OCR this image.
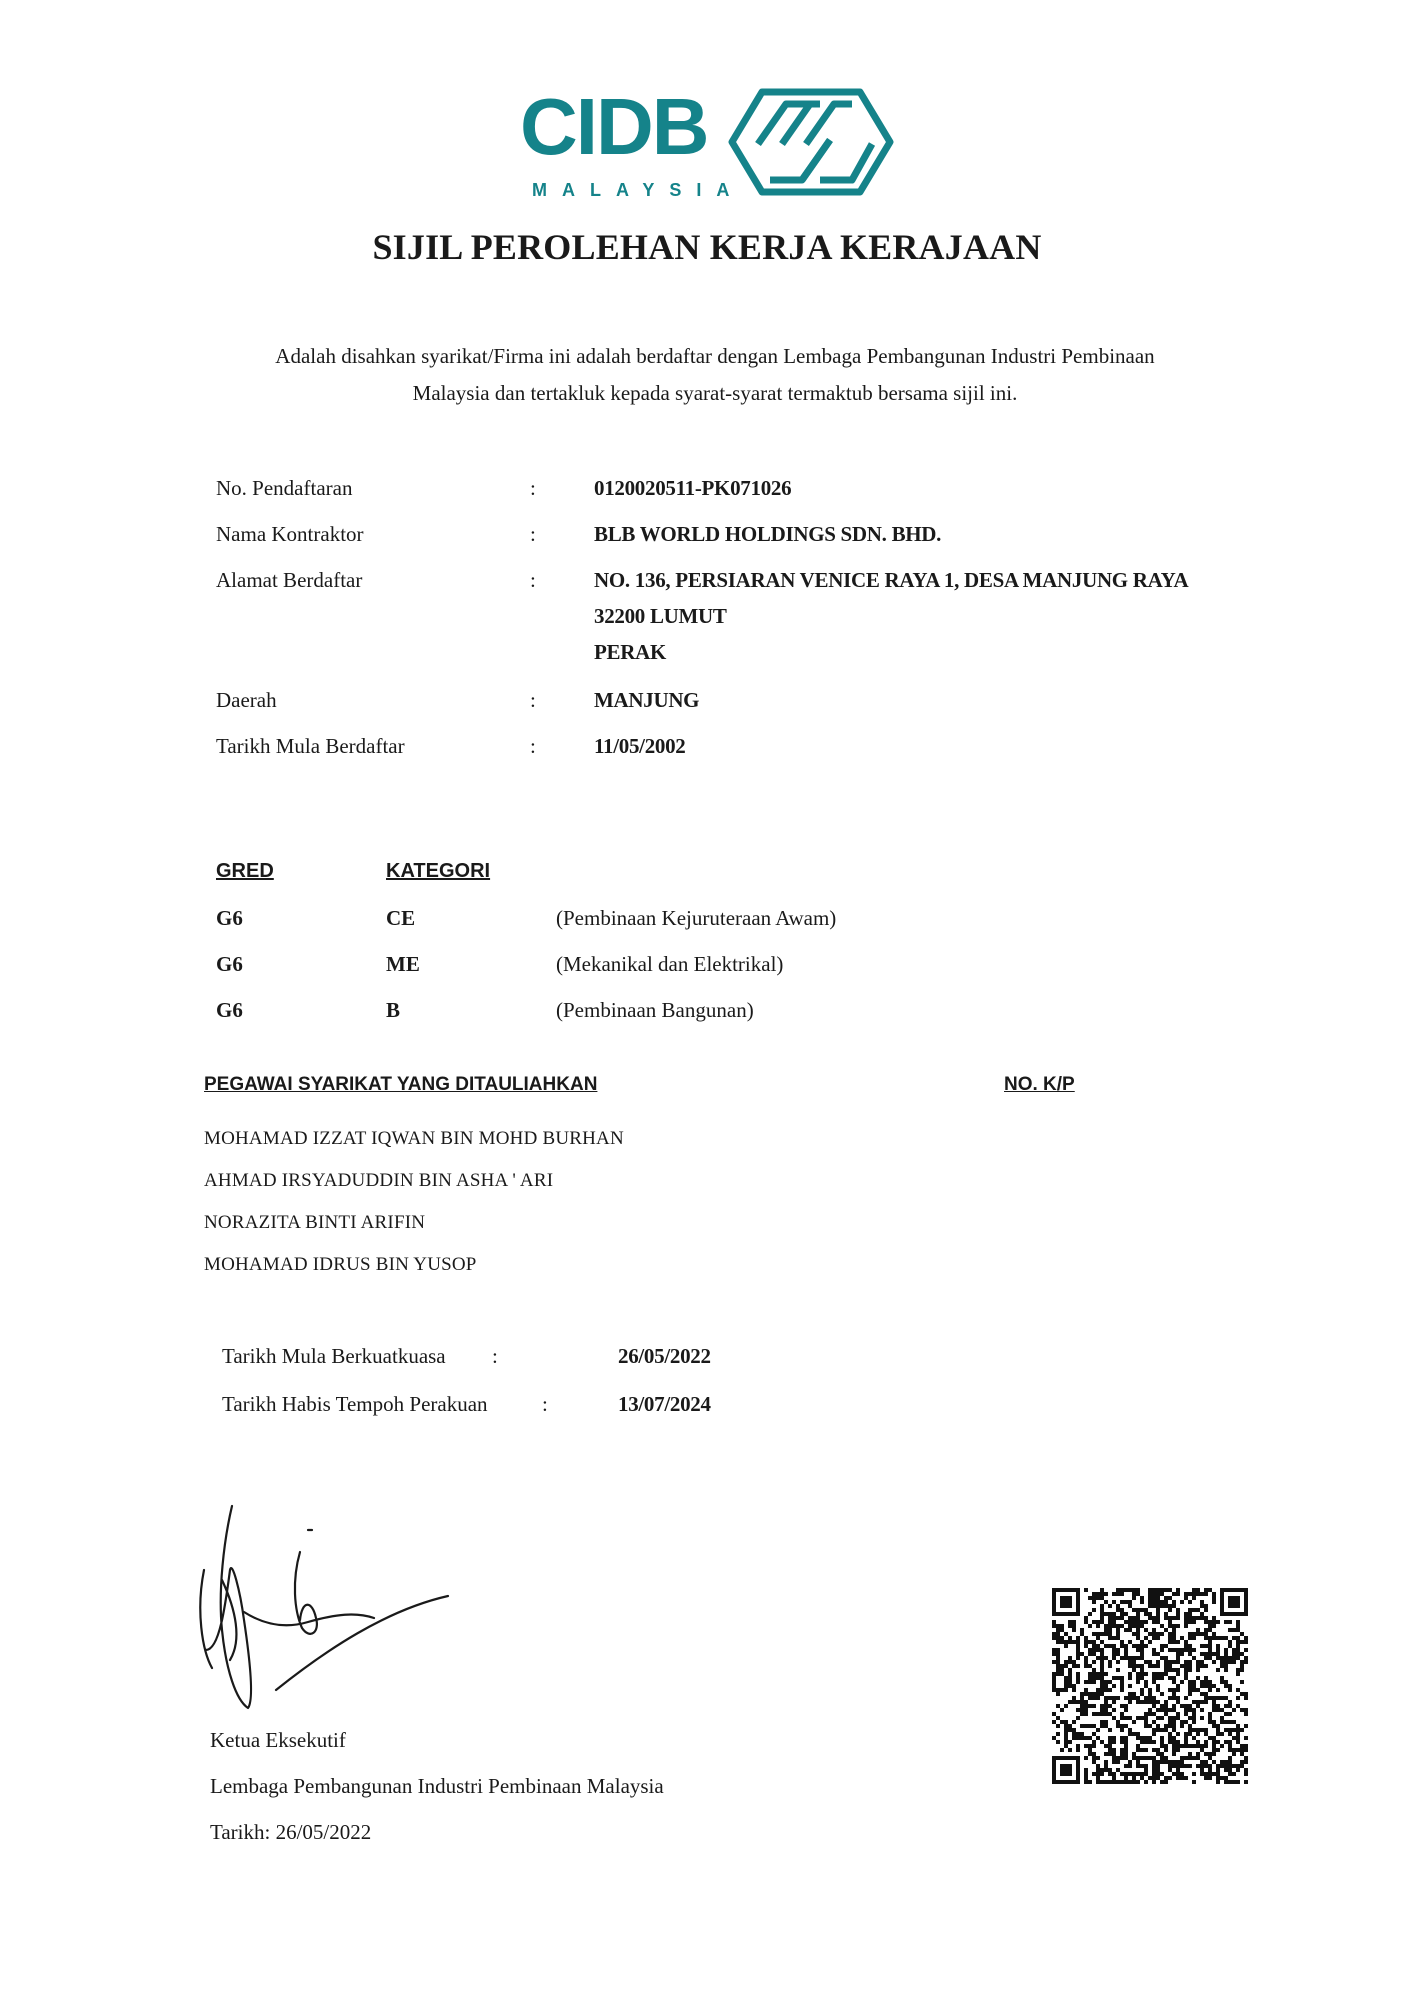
CIDB
MALAYSIA
SIJIL PEROLEHAN KERJA KERAJAAN
Adalah disahkan syarikat/Firma ini adalah berdaftar dengan Lembaga Pembangunan Industri Pembinaan
Malaysia dan tertakluk kepada syarat-syarat termaktub bersama sijil ini.
No. Pendaftaran	:	0120020511-PK071026
Nama Kontraktor	:	BLB WORLD HOLDINGS SDN. BHD.
Alamat Berdaftar	:	NO. 136, PERSIARAN VENICE RAYA 1, DESA MANJUNG RAYA
32200 LUMUT
PERAK
Daerah	:	MANJUNG
Tarikh Mula Berdaftar	:	11/05/2002
GRED	KATEGORI
G6	CE	(Pembinaan Kejuruteraan Awam)
G6	ME	(Mekanikal dan Elektrikal)
G6	B	(Pembinaan Bangunan)
PEGAWAI SYARIKAT YANG DITAULIAHKAN	NO. K/P
MOHAMAD IZZAT IQWAN BIN MOHD BURHAN
AHMAD IRSYADUDDIN BIN ASHA ' ARI
NORAZITA BINTI ARIFIN
MOHAMAD IDRUS BIN YUSOP
Tarikh Mula Berkuatkuasa :	26/05/2022
Tarikh Habis Tempoh Perakuan	:	13/07/2024
Ketua Eksekutif
Lembaga Pembangunan Industri Pembinaan Malaysia
Tarikh: 26/05/2022
